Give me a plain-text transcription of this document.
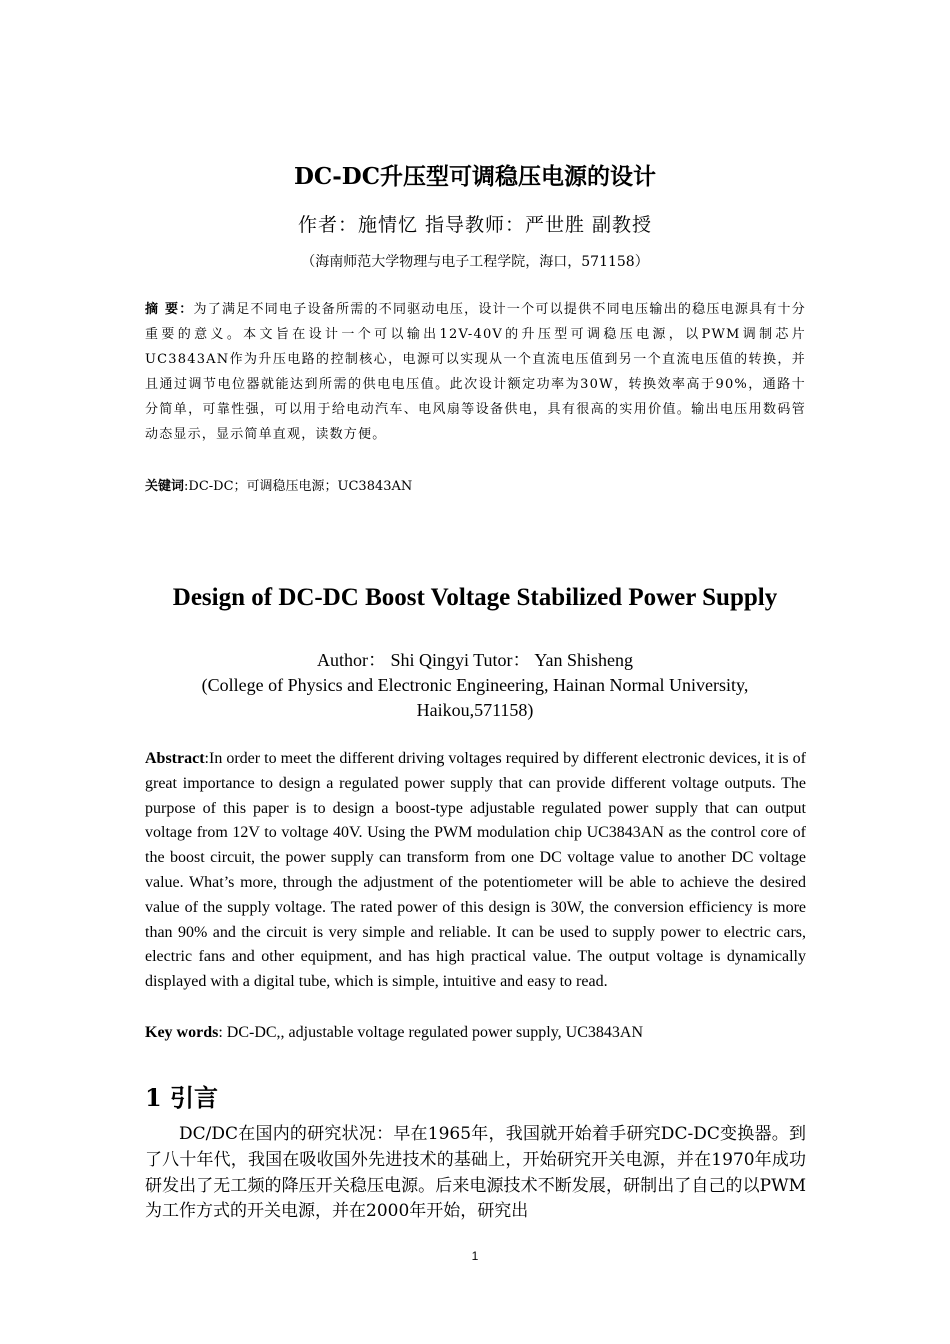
DC-DC升压型可调稳压电源的设计
作者：施情忆 指导教师：严世胜 副教授
（海南师范大学物理与电子工程学院，海口，571158）
摘 要：为了满足不同电子设备所需的不同驱动电压，设计一个可以提供不同电压输出的稳压电源具有十分重要的意义。本文旨在设计一个可以输出12V-40V的升压型可调稳压电源，以PWM调制芯片UC3843AN作为升压电路的控制核心，电源可以实现从一个直流电压值到另一个直流电压值的转换，并且通过调节电位器就能达到所需的供电电压值。此次设计额定功率为30W，转换效率高于90%，通路十分简单，可靠性强，可以用于给电动汽车、电风扇等设备供电，具有很高的实用价值。输出电压用数码管动态显示，显示简单直观，读数方便。
关键词:DC-DC；可调稳压电源；UC3843AN
Design of DC-DC Boost Voltage Stabilized Power Supply
Author： Shi Qingyi Tutor： Yan Shisheng
(College of Physics and Electronic Engineering, Hainan Normal University, Haikou,571158)
Abstract:In order to meet the different driving voltages required by different electronic devices, it is of great importance to design a regulated power supply that can provide different voltage outputs. The purpose of this paper is to design a boost-type adjustable regulated power supply that can output voltage from 12V to voltage 40V. Using the PWM modulation chip UC3843AN as the control core of the boost circuit, the power supply can transform from one DC voltage value to another DC voltage value. What’s more, through the adjustment of the potentiometer will be able to achieve the desired value of the supply voltage. The rated power of this design is 30W, the conversion efficiency is more than 90% and the circuit is very simple and reliable. It can be used to supply power to electric cars, electric fans and other equipment, and has high practical value. The output voltage is dynamically displayed with a digital tube, which is simple, intuitive and easy to read.
Key words: DC-DC,, adjustable voltage regulated power supply, UC3843AN
1 引言
DC/DC在国内的研究状况：早在1965年，我国就开始着手研究DC-DC变换器。到了八十年代，我国在吸收国外先进技术的基础上，开始研究开关电源，并在1970年成功研发出了无工频的降压开关稳压电源。后来电源技术不断发展，研制出了自己的以PWM为工作方式的开关电源，并在2000年开始，研究出
1
